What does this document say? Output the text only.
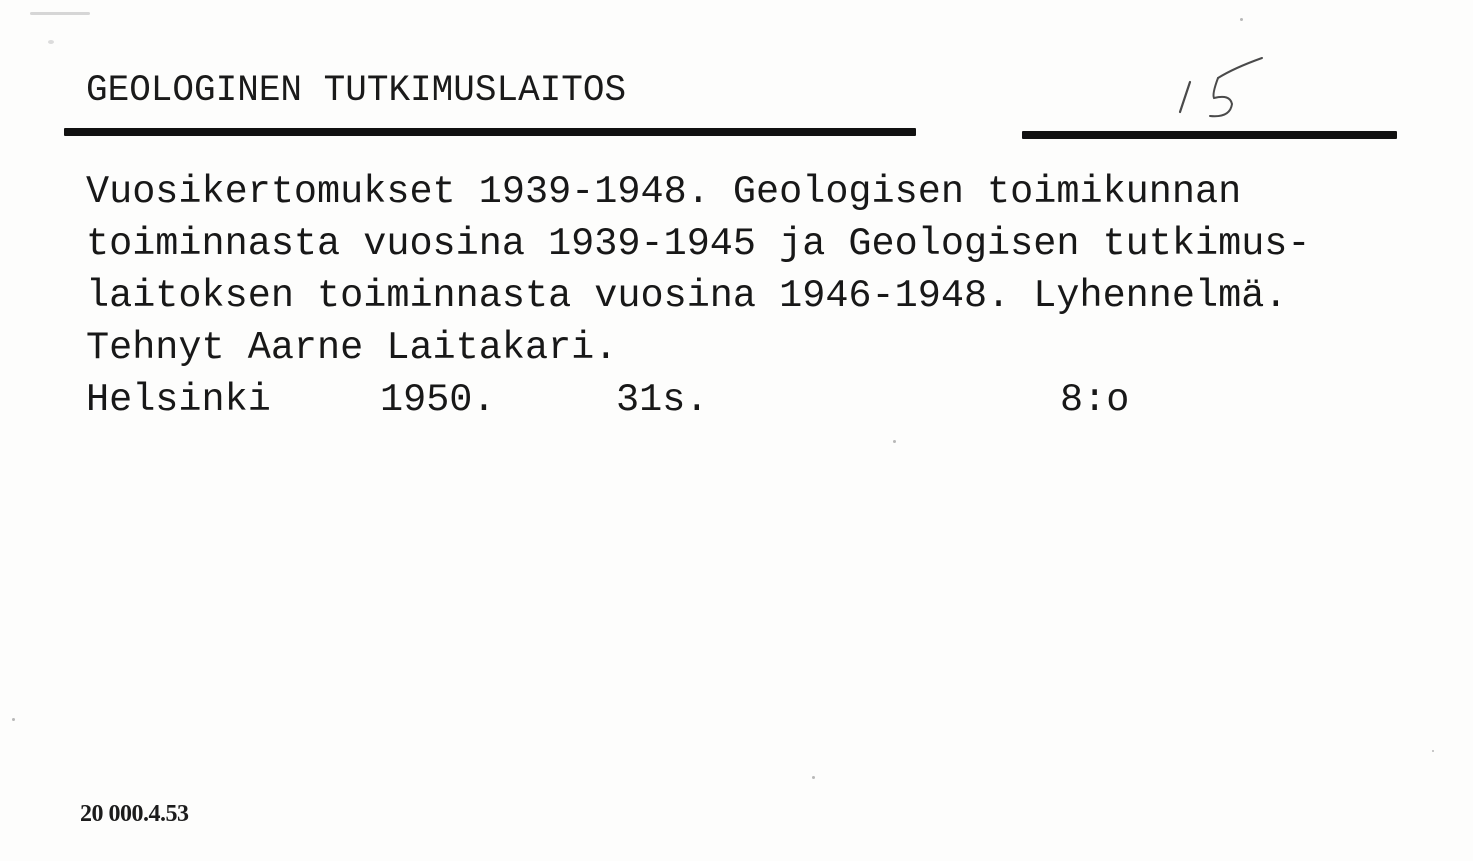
GEOLOGINEN TUTKIMUSLAITOS
Vuosikertomukset 1939-1948. Geologisen toimikunnan
toiminnasta vuosina 1939-1945 ja Geologisen tutkimus-
laitoksen toiminnasta vuosina 1946-1948. Lyhennelmä.
Tehnyt Aarne Laitakari.
Helsinki	1950.	31s.	8:o
20 000.4.53
